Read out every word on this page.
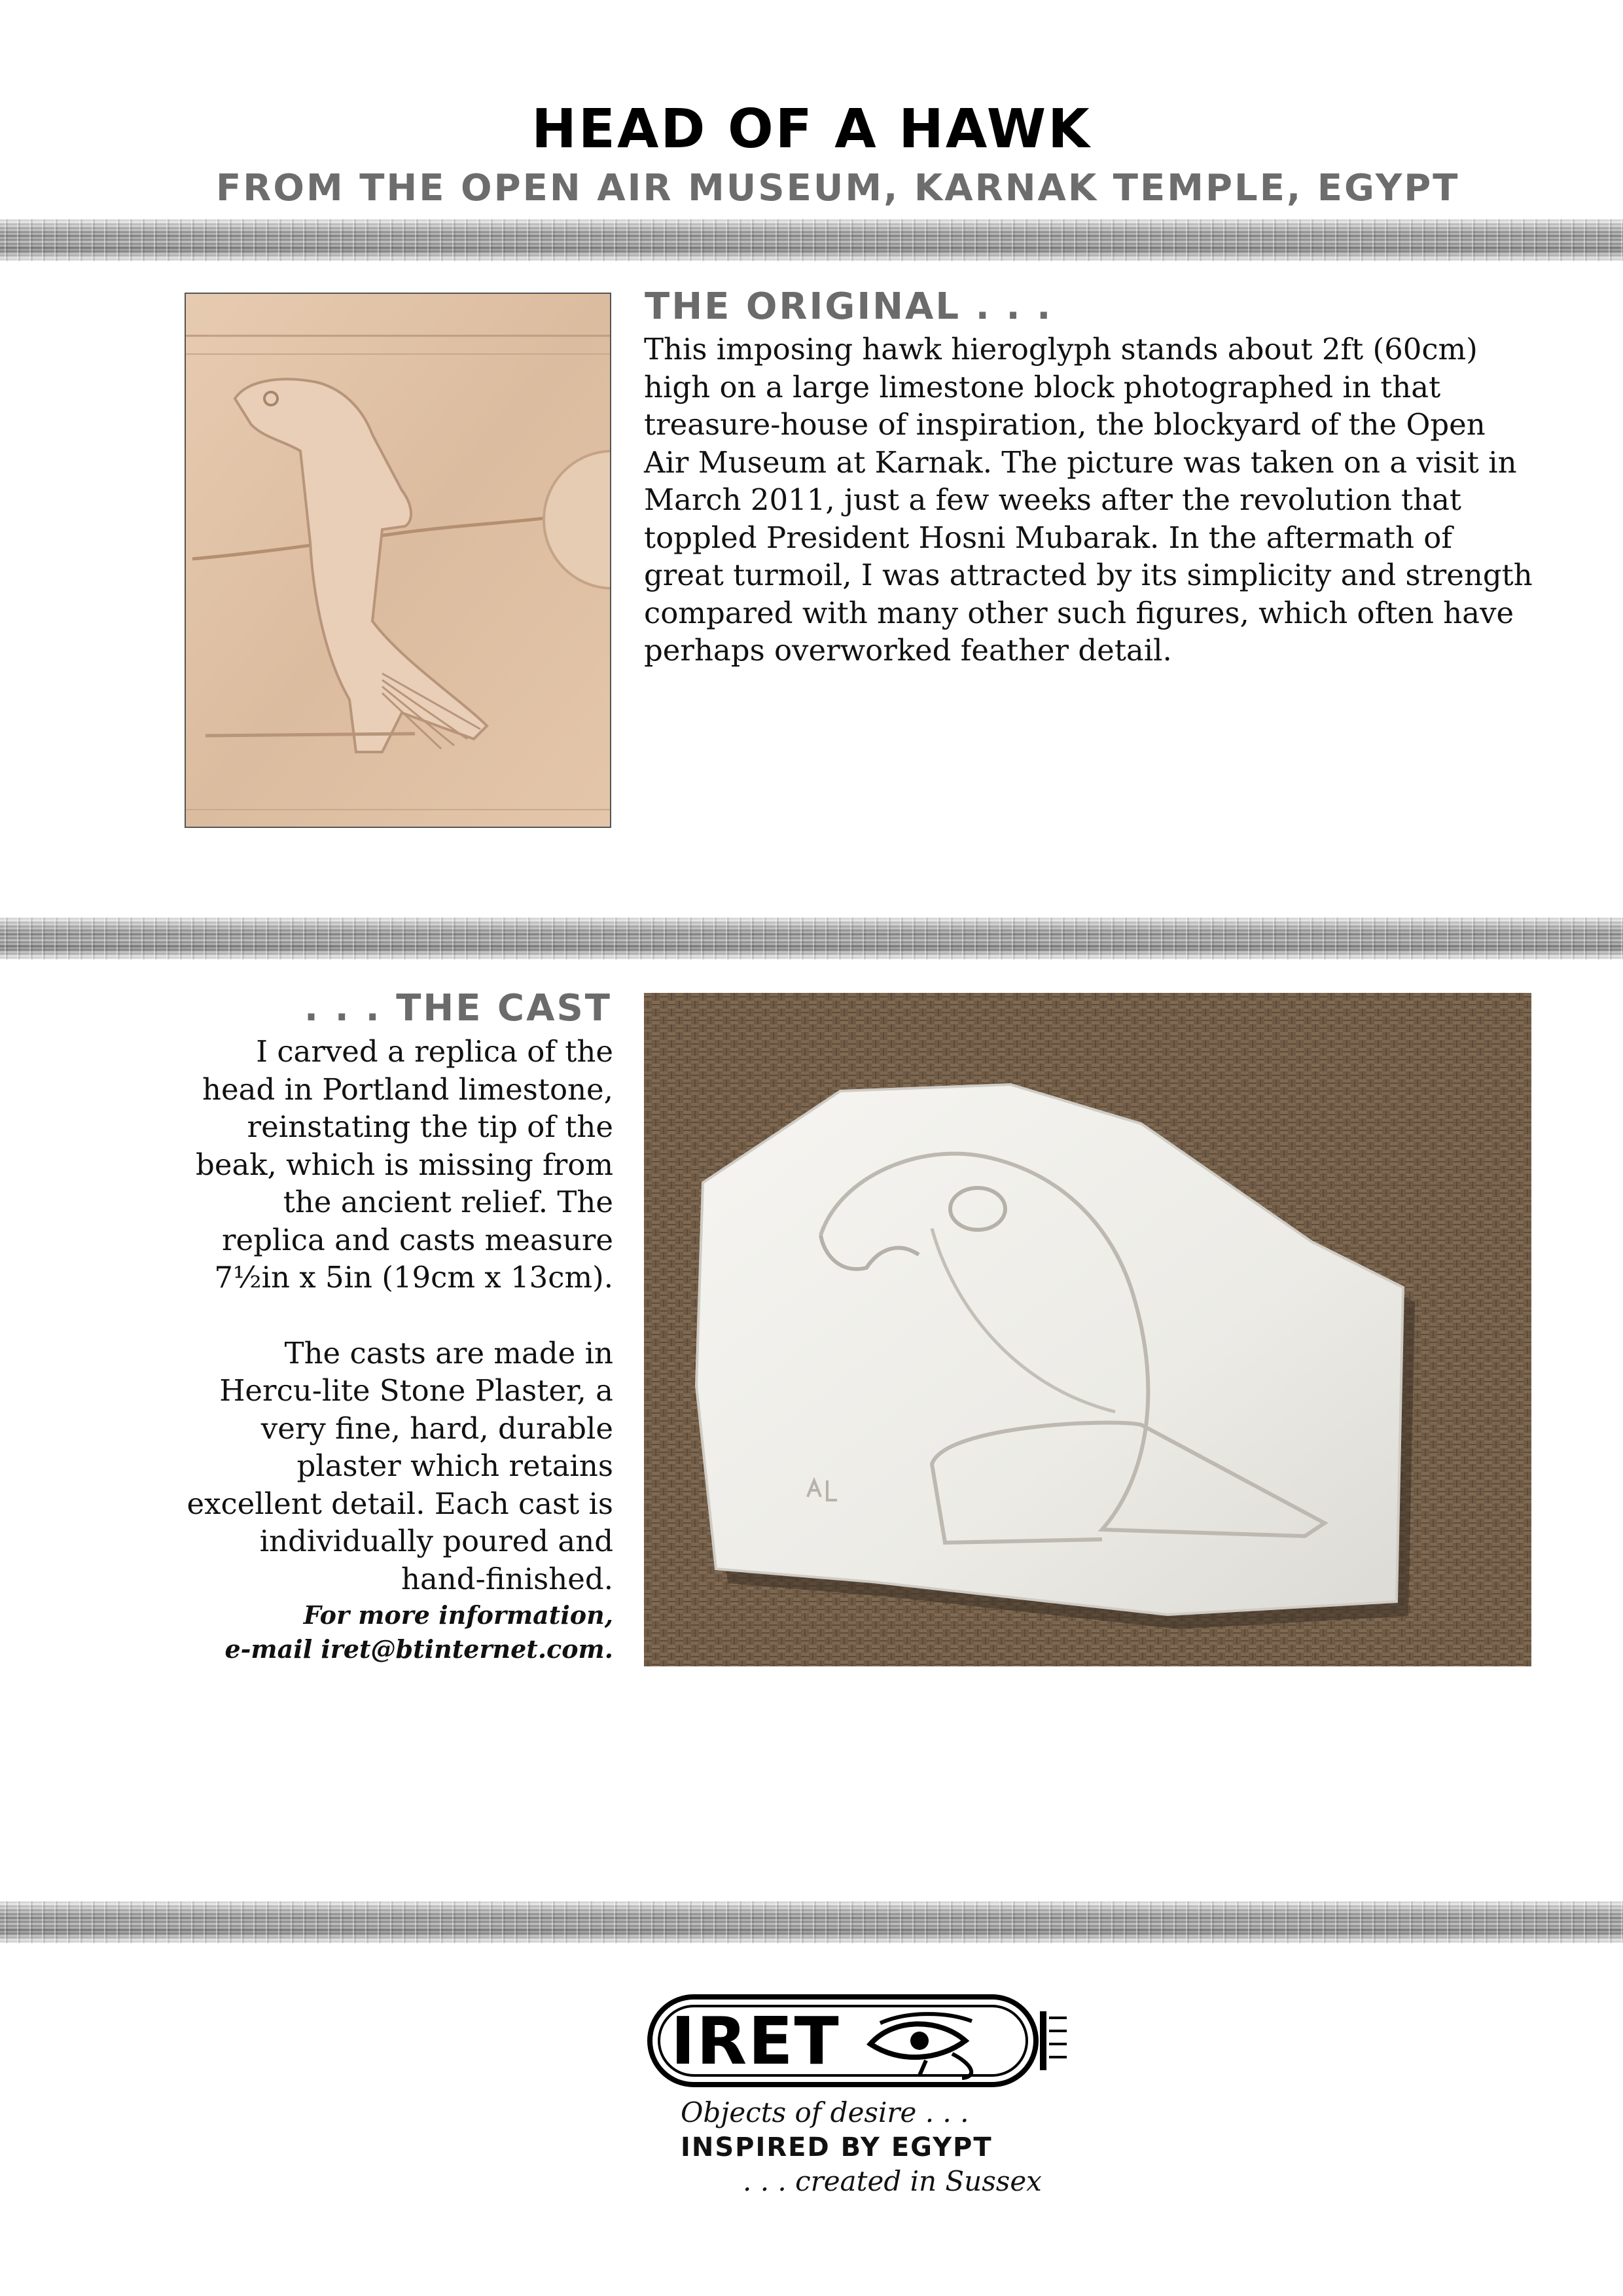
HEAD OF A HAWK
FROM THE OPEN AIR MUSEUM, KARNAK TEMPLE, EGYPT
THE ORIGINAL . . .

This imposing hawk hieroglyph stands about 2ft (60cm) high on a large limestone block photographed in that treasure-house of inspiration, the blockyard of the Open Air Museum at Karnak. The picture was taken on a visit in March 2011, just a few weeks after the revolution that toppled President Hosni Mubarak. In the aftermath of great turmoil, I was attracted by its simplicity and strength compared with many other such figures, which often have perhaps overworked feather detail.

. . . THE CAST

I carved a replica of the head in Portland limestone, reinstating the tip of the beak, which is missing from the ancient relief. The replica and casts measure 7½in x 5in (19cm x 13cm).

The casts are made in Hercu-lite Stone Plaster, a very fine, hard, durable plaster which retains excellent detail. Each cast is individually poured and hand-finished.

For more information,
e-mail iret@btinternet.com.
IRET
Objects of desire . . .
INSPIRED BY EGYPT
. . . created in Sussex
